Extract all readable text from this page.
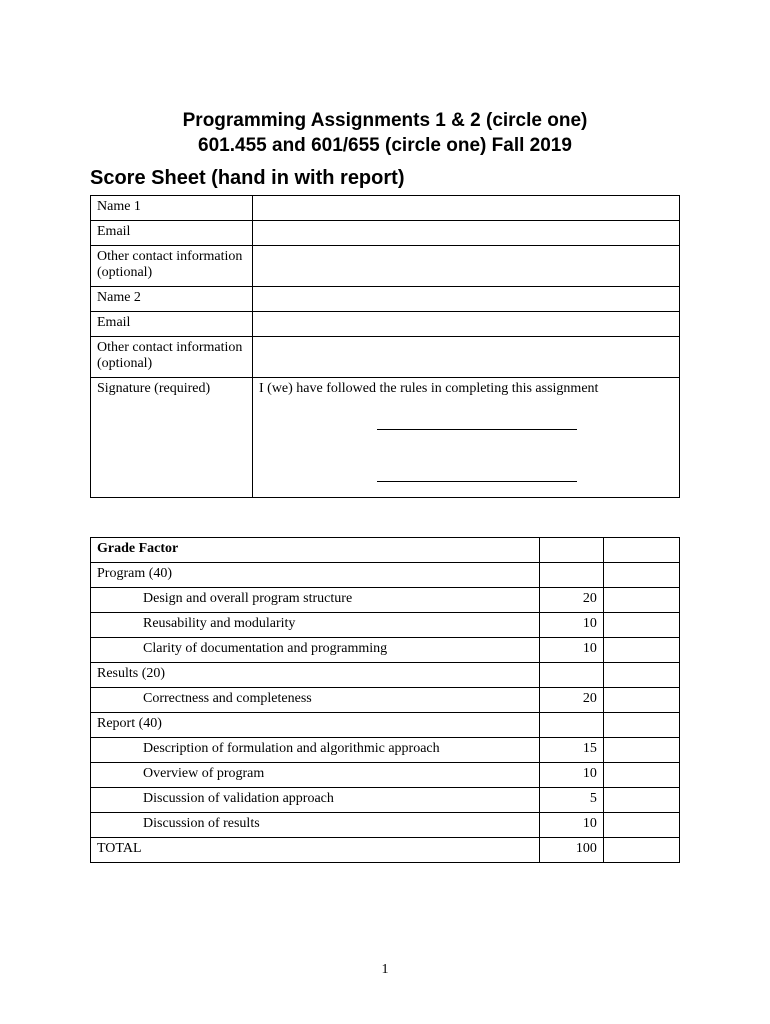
Programming Assignments 1 & 2 (circle one)
601.455 and 601/655 (circle one) Fall 2019
Score Sheet (hand in with report)
Name 1	
Email	
Other contact information (optional)	
Name 2	
Email	
Other contact information (optional)	
Signature (required)	I (we) have followed the rules in completing this assignment
Grade Factor		
Program (40)		
Design and overall program structure	20	
Reusability and modularity	10	
Clarity of documentation and programming	10	
Results (20)		
Correctness and completeness	20	
Report (40)		
Description of formulation and algorithmic approach	15	
Overview of program	10	
Discussion of validation approach	5	
Discussion of results	10	
TOTAL	100	
1
